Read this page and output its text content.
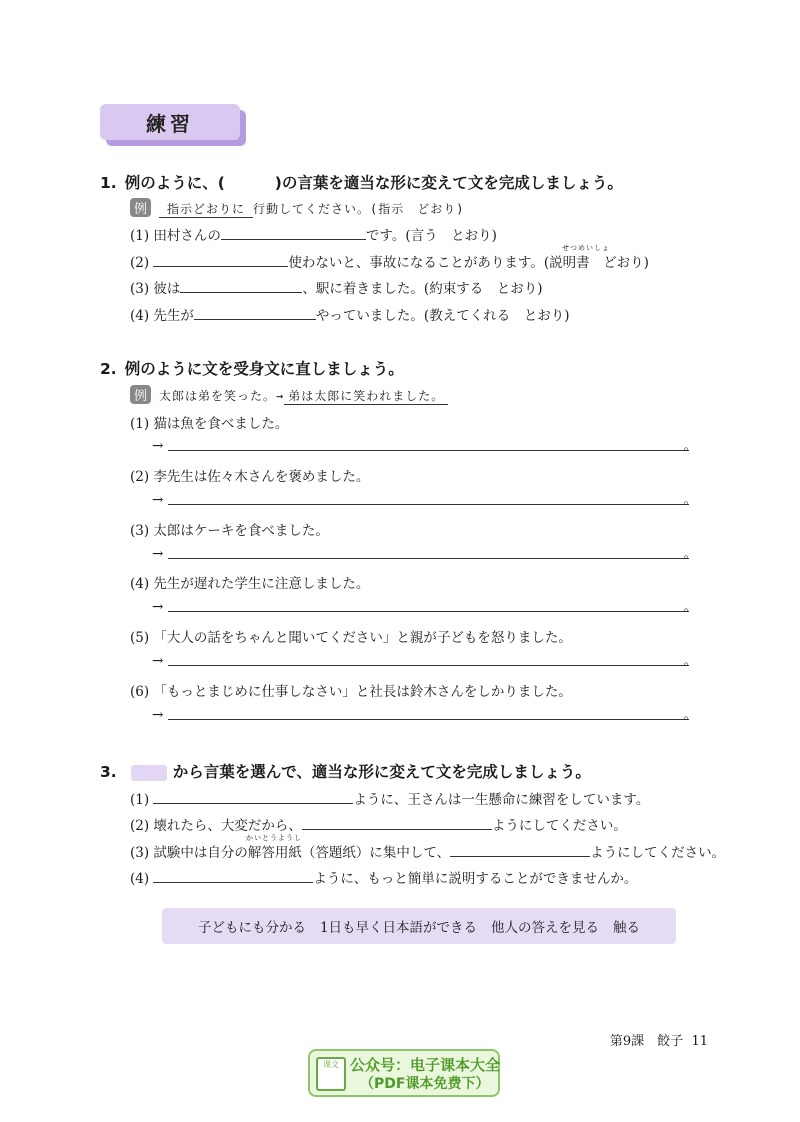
練習
1. 例のように、(	)の言葉を適当な形に変えて文を完成しましょう。
例 指示どおりに 行動してください。(指示　どおり)
(1) 田村さんの	です。(言う　とおり)
せつめいしょ
(2)	使わないと、事故になることがあります。(説明書　どおり)
(3) 彼は	、駅に着きました。(約束する　とおり)
(4) 先生が	やっていました。(教えてくれる　とおり)
2. 例のように文を受身文に直しましょう。
例 太郎は弟を笑った。→ 弟は太郎に笑われました。
(1) 猫は魚を食べました。
→	。
(2) 李先生は佐々木さんを褒めました。
→	。
(3) 太郎はケーキを食べました。
→	。
(4) 先生が遅れた学生に注意しました。
→	。
(5) 「大人の話をちゃんと聞いてください」と親が子どもを怒りました。
→	。
(6) 「もっとまじめに仕事しなさい」と社長は鈴木さんをしかりました。
→	。
3.	から言葉を選んで、適当な形に変えて文を完成しましょう。
(1)	ように、王さんは一生懸命に練習をしています。
(2) 壊れたら、大変だから、	ようにしてください。
かいとうようし
(3) 試験中は自分の解答用紙（答題纸）に集中して、	ようにしてください。
(4)	ように、もっと簡単に説明することができませんか。
子どもにも分かる 1日も早く日本語ができる 他人の答えを見る 触る
第9課　餃子 11
课文 公众号：电子课本大全
（PDF课本免费下）
